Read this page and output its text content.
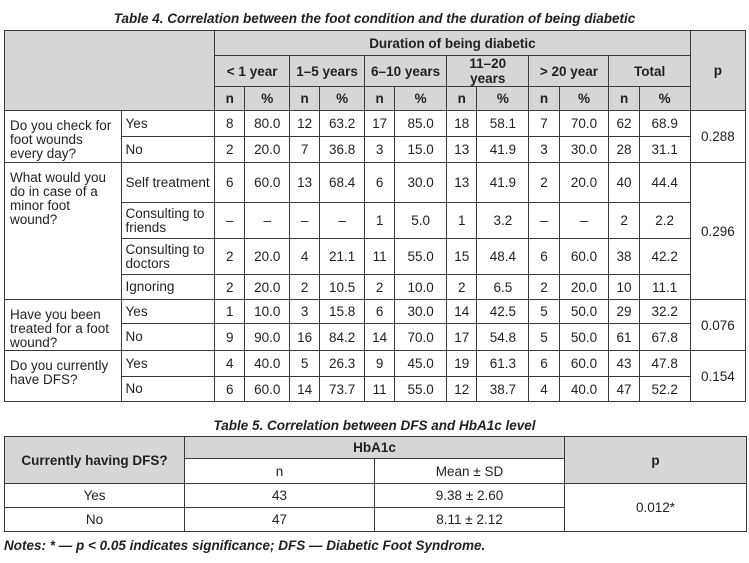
Table 4. Correlation between the foot condition and the duration of being diabetic
		Duration of being diabetic												p
		< 1 year		1–5 years		6–10 years		11–20 years		> 20 year		Total		
		n	%	n	%	n	%	n	%	n	%	n	%	
Do you check for foot wounds every day?	Yes	8	80.0	12	63.2	17	85.0	18	58.1	7	70.0	62	68.9	0.288
	No	2	20.0	7	36.8	3	15.0	13	41.9	3	30.0	28	31.1	
What would you do in case of a minor foot wound?	Self treatment	6	60.0	13	68.4	6	30.0	13	41.9	2	20.0	40	44.4	0.296
	Consulting to friends	–	–	–	–	1	5.0	1	3.2	–	–	2	2.2	
	Consulting to doctors	2	20.0	4	21.1	11	55.0	15	48.4	6	60.0	38	42.2	
	Ignoring	2	20.0	2	10.5	2	10.0	2	6.5	2	20.0	10	11.1	
Have you been treated for a foot wound?	Yes	1	10.0	3	15.8	6	30.0	14	42.5	5	50.0	29	32.2	0.076
	No	9	90.0	16	84.2	14	70.0	17	54.8	5	50.0	61	67.8	
Do you currently have DFS?	Yes	4	40.0	5	26.3	9	45.0	19	61.3	6	60.0	43	47.8	0.154
	No	6	60.0	14	73.7	11	55.0	12	38.7	4	40.0	47	52.2	
Table 5. Correlation between DFS and HbA1c level
Currently having DFS?	HbA1c		p
	n	Mean ± SD	
Yes	43	9.38 ± 2.60	0.012*
No	47	8.11 ± 2.12	
Notes: * — p < 0.05 indicates significance; DFS — Diabetic Foot Syndrome.
